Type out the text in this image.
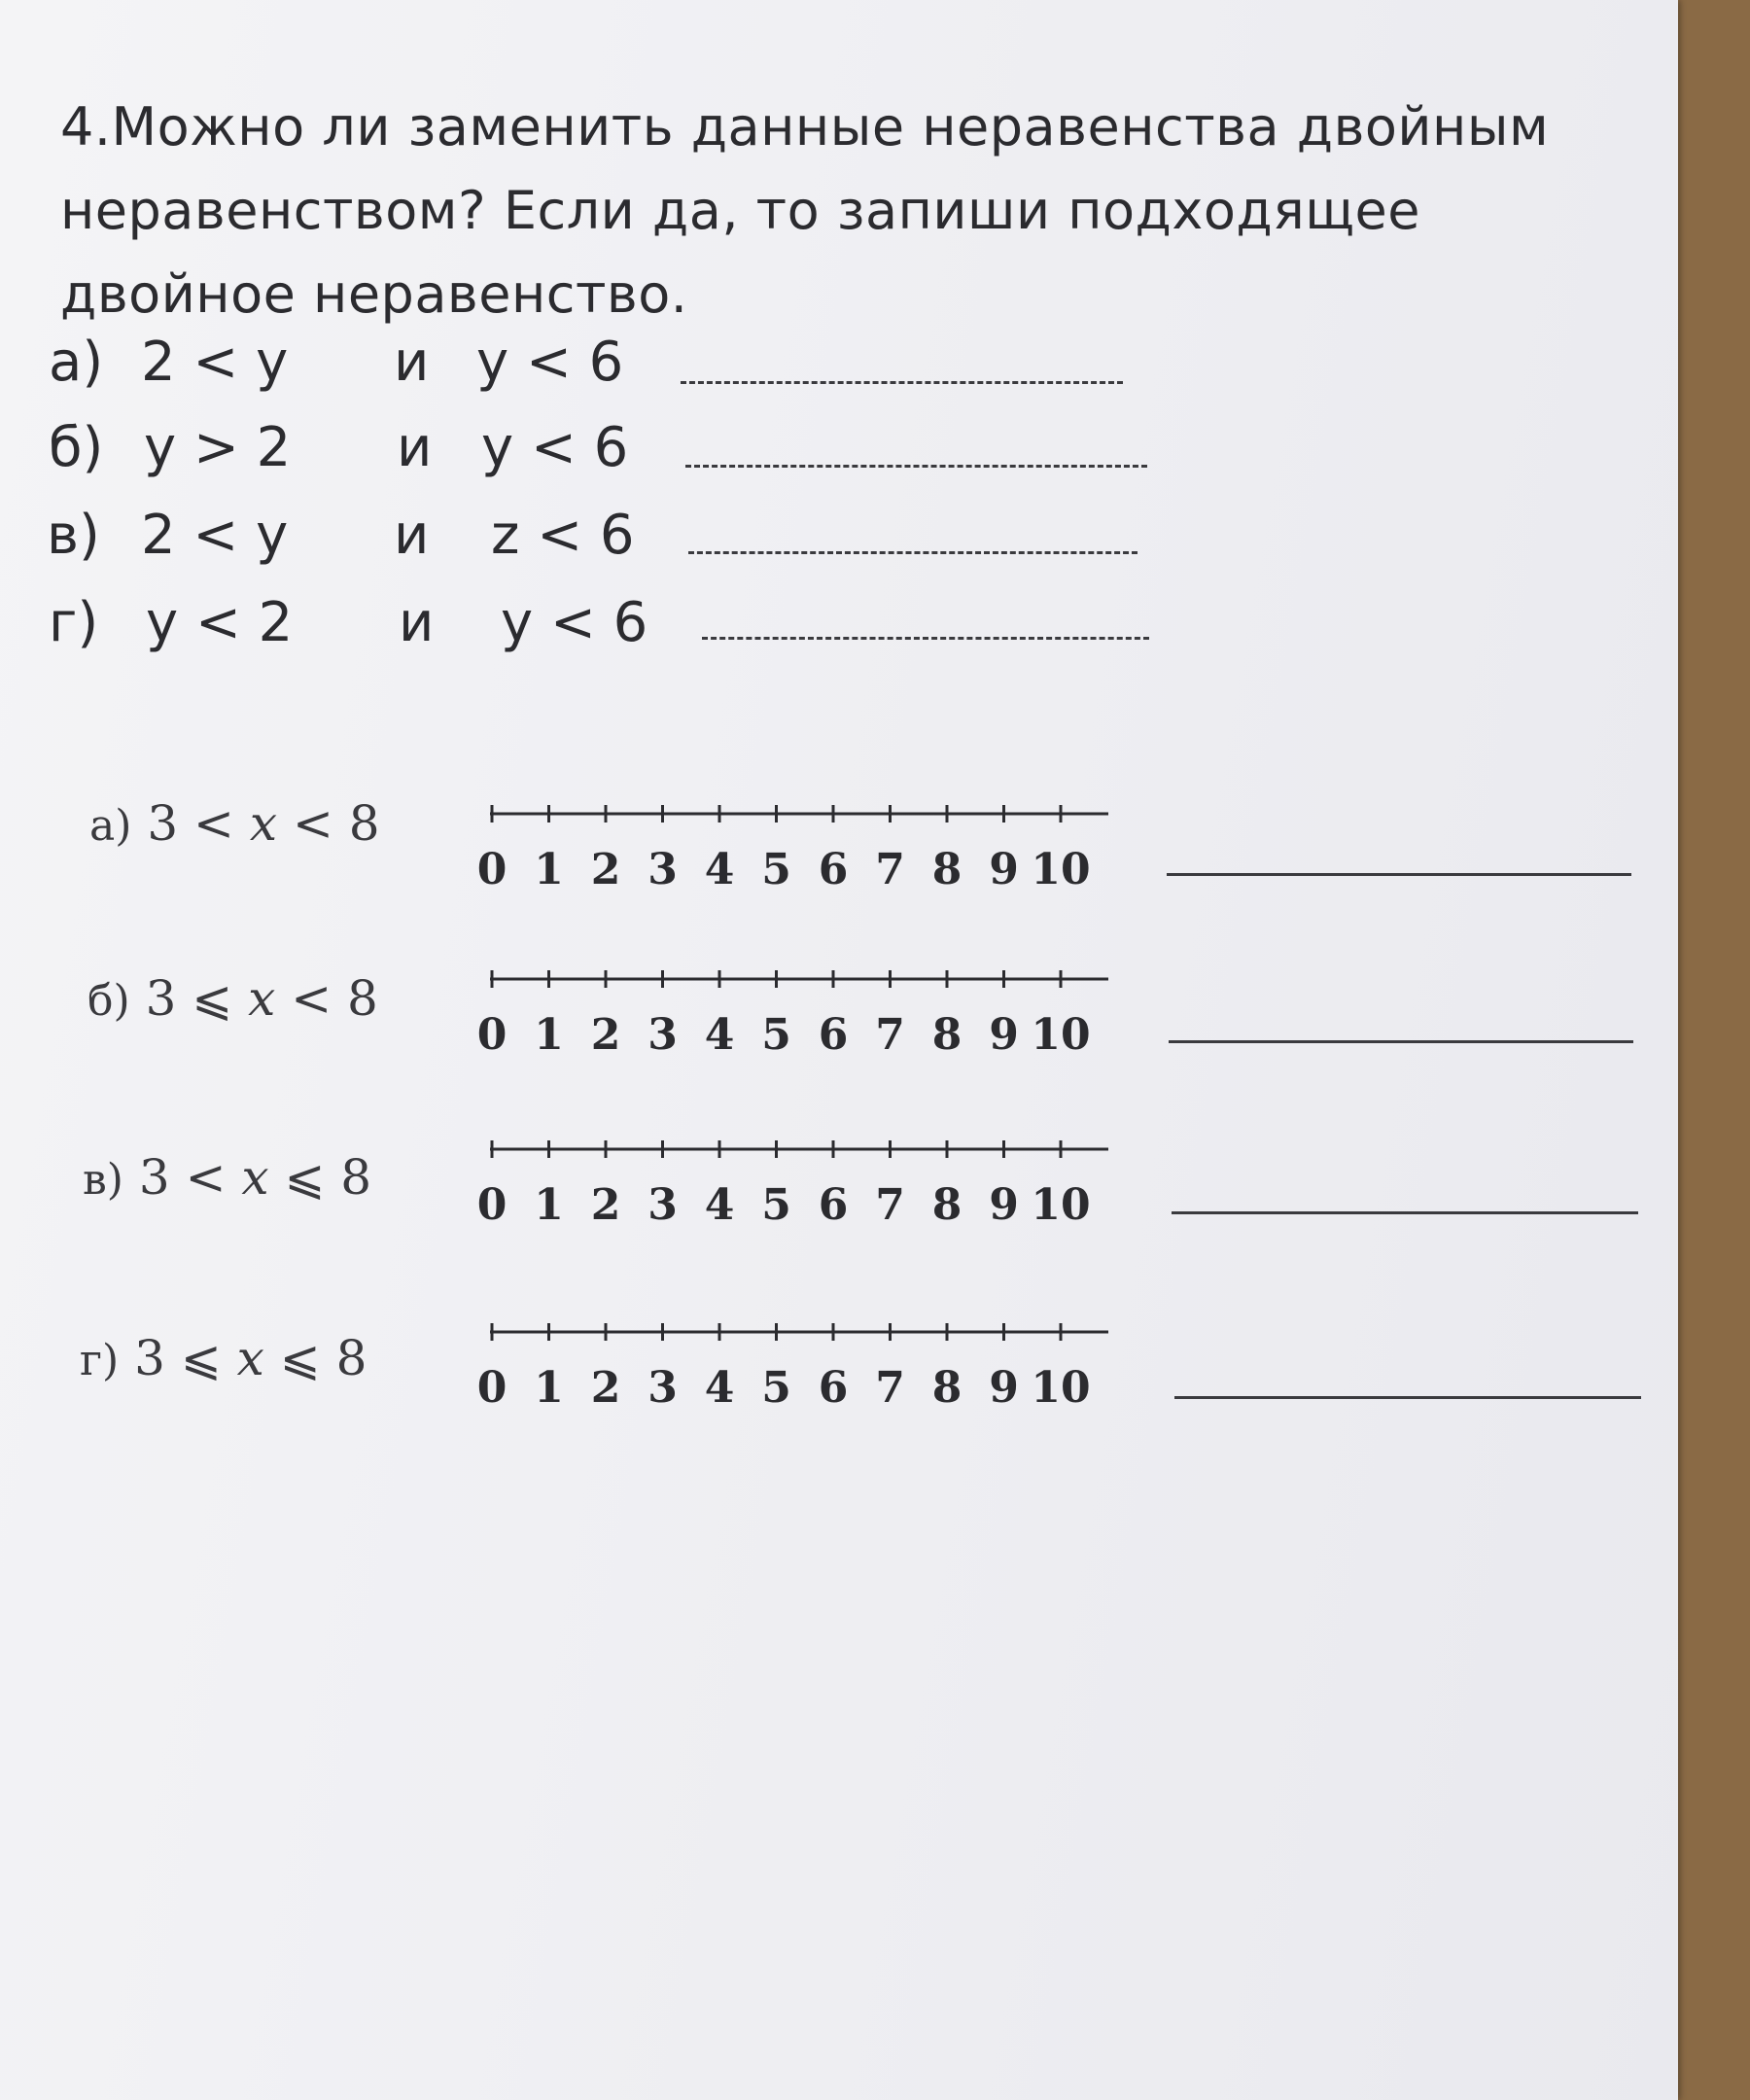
4.Можно ли заменить данные неравенства двойным неравенством? Если да, то запиши подходящее двойное неравенство.

а) 2 < y и y < 6
б) y > 2 и y < 6
в) 2 < y и z < 6
г) y < 2 и y < 6
а) 3 < x < 8
б) 3 ⩽ x < 8
в) 3 < x ⩽ 8
г) 3 ⩽ x ⩽ 8
0 1 2 3 4 5 6 7 8 9 10
0 1 2 3 4 5 6 7 8 9 10
0 1 2 3 4 5 6 7 8 9 10
0 1 2 3 4 5 6 7 8 9 10
